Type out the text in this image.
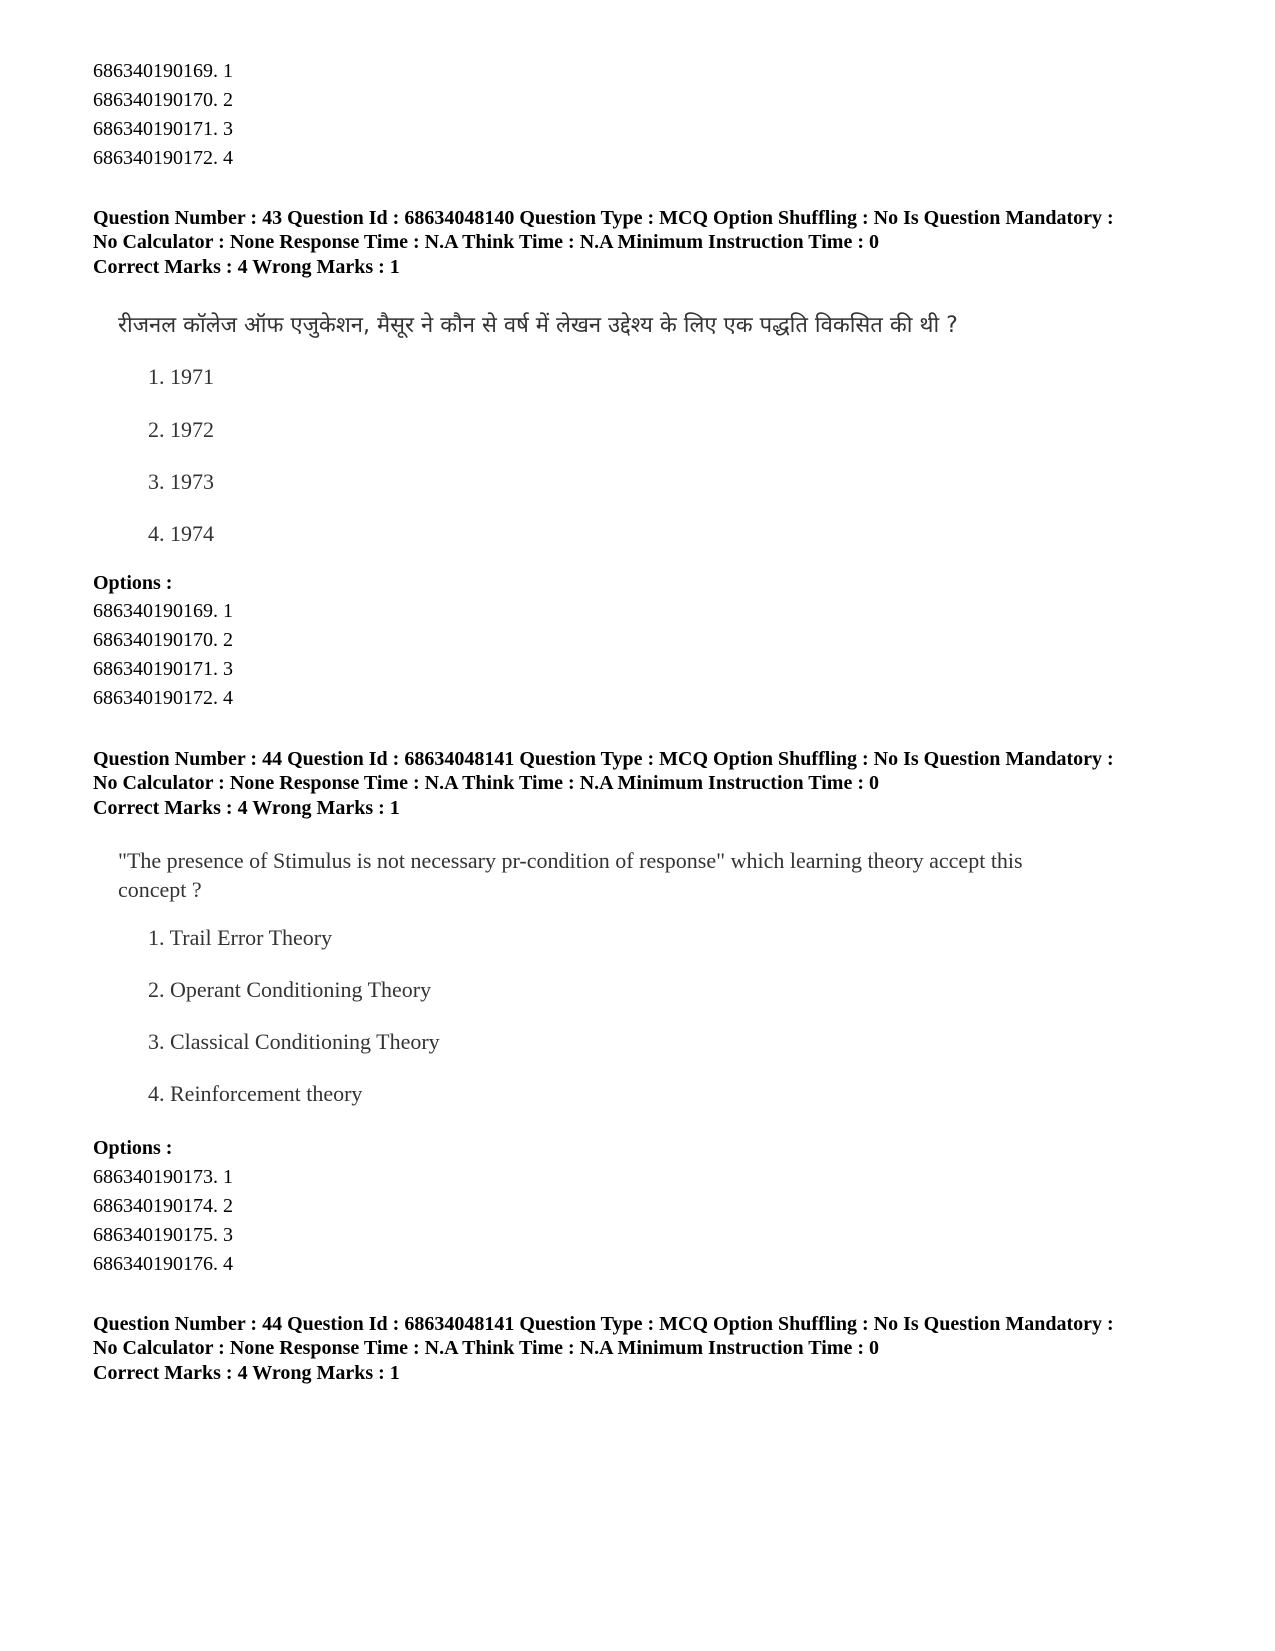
686340190169. 1
686340190170. 2
686340190171. 3
686340190172. 4
Question Number : 43 Question Id : 68634048140 Question Type : MCQ Option Shuffling : No Is Question Mandatory :
No Calculator : None Response Time : N.A Think Time : N.A Minimum Instruction Time : 0
Correct Marks : 4 Wrong Marks : 1
रीजनल कॉलेज ऑफ एजुकेशन, मैसूर ने कौन से वर्ष में लेखन उद्देश्य के लिए एक पद्धति विकसित की थी ?
1. 1971
2. 1972
3. 1973
4. 1974
Options :
686340190169. 1
686340190170. 2
686340190171. 3
686340190172. 4
Question Number : 44 Question Id : 68634048141 Question Type : MCQ Option Shuffling : No Is Question Mandatory :
No Calculator : None Response Time : N.A Think Time : N.A Minimum Instruction Time : 0
Correct Marks : 4 Wrong Marks : 1
"The presence of Stimulus is not necessary pr-condition of response" which learning theory accept this concept ?
1. Trail Error Theory
2. Operant Conditioning Theory
3. Classical Conditioning Theory
4. Reinforcement theory
Options :
686340190173. 1
686340190174. 2
686340190175. 3
686340190176. 4
Question Number : 44 Question Id : 68634048141 Question Type : MCQ Option Shuffling : No Is Question Mandatory :
No Calculator : None Response Time : N.A Think Time : N.A Minimum Instruction Time : 0
Correct Marks : 4 Wrong Marks : 1
